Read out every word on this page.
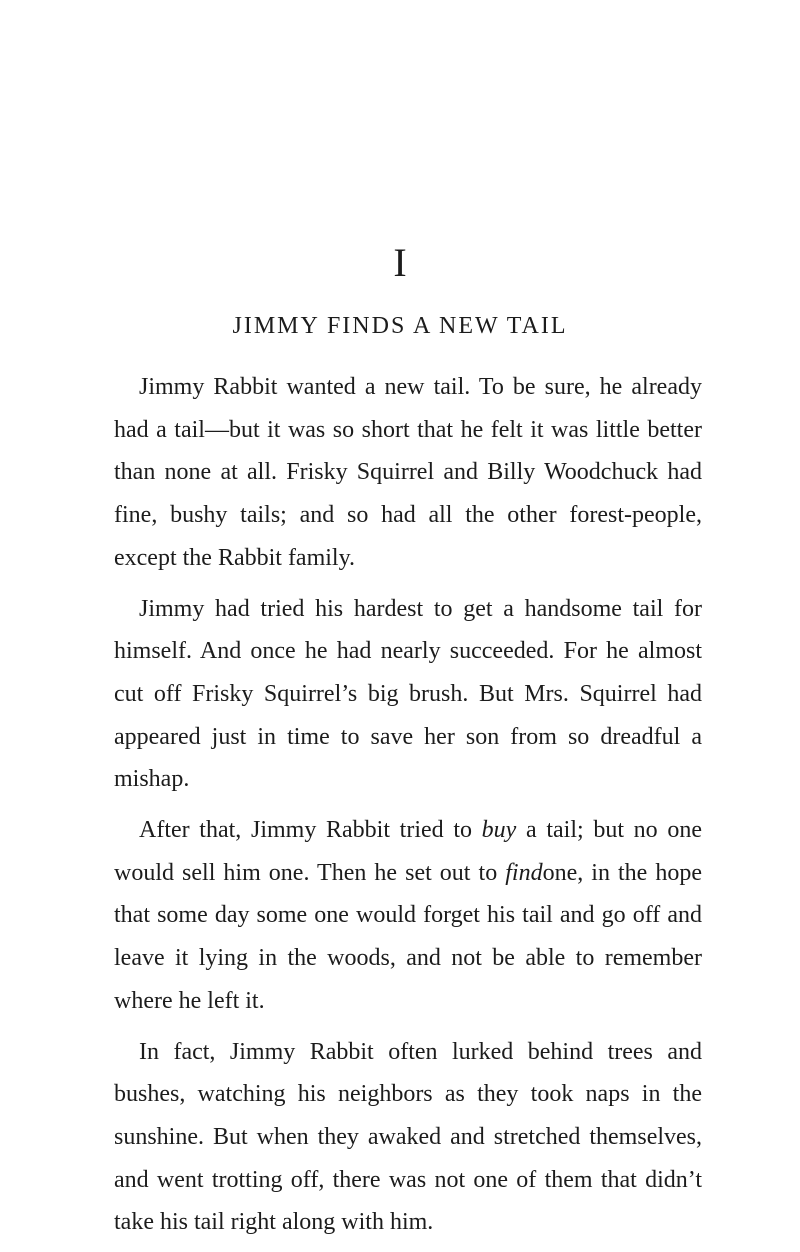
I
JIMMY FINDS A NEW TAIL

Jimmy Rabbit wanted a new tail. To be sure, he already had a tail—but it was so short that he felt it was little better than none at all. Frisky Squirrel and Billy Woodchuck had fine, bushy tails; and so had all the other forest-people, except the Rabbit family.

Jimmy had tried his hardest to get a handsome tail for himself. And once he had nearly succeeded. For he almost cut off Frisky Squirrel’s big brush. But Mrs. Squirrel had appeared just in time to save her son from so dreadful a mishap.

After that, Jimmy Rabbit tried to buy a tail; but no one would sell him one. Then he set out to findone, in the hope that some day some one would forget his tail and go off and leave it lying in the woods, and not be able to remember where he left it.

In fact, Jimmy Rabbit often lurked behind trees and bushes, watching his neighbors as they took naps in the sunshine. But when they awaked and stretched themselves, and went trotting off, there was not one of them that didn’t take his tail right along with him.
